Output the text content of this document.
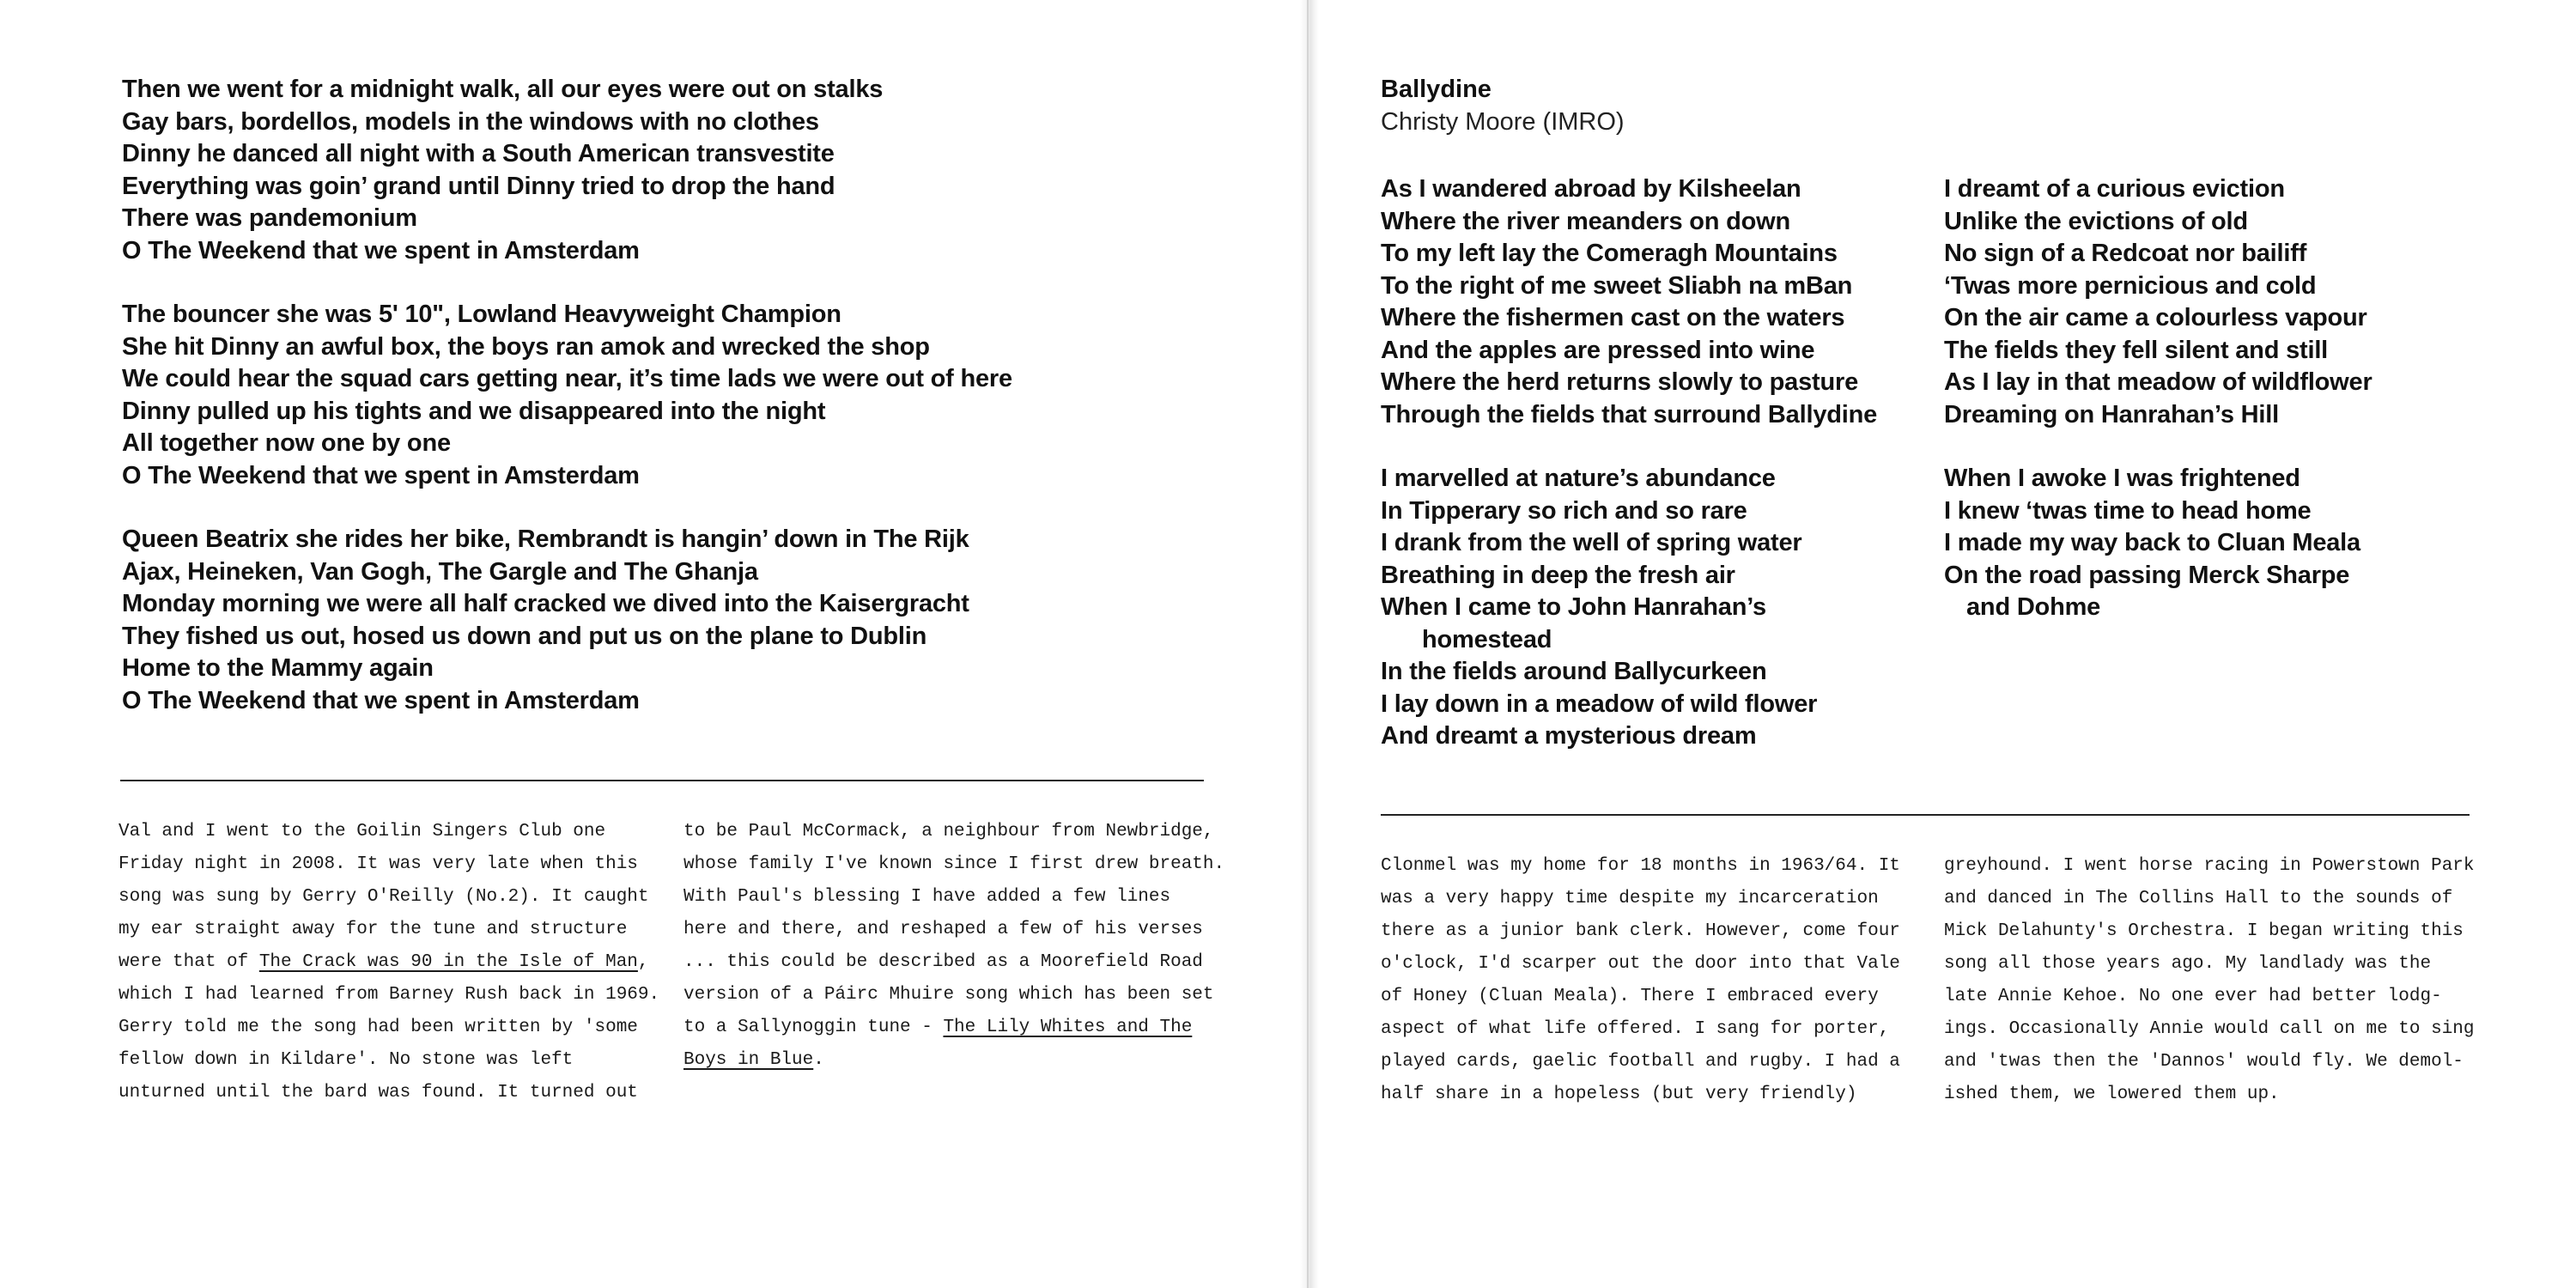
Then we went for a midnight walk, all our eyes were out on stalks

Gay bars, bordellos, models in the windows with no clothes

Dinny he danced all night with a South American transvestite

Everything was goin’ grand until Dinny tried to drop the hand

There was pandemonium

O The Weekend that we spent in Amsterdam

The bouncer she was 5' 10", Lowland Heavyweight Champion

She hit Dinny an awful box, the boys ran amok and wrecked the shop

We could hear the squad cars getting near, it’s time lads we were out of here

Dinny pulled up his tights and we disappeared into the night

All together now one by one

O The Weekend that we spent in Amsterdam

Queen Beatrix she rides her bike, Rembrandt is hangin’ down in The Rijk

Ajax, Heineken, Van Gogh, The Gargle and The Ghanja

Monday morning we were all half cracked we dived into the Kaisergracht

They fished us out, hosed us down and put us on the plane to Dublin

Home to the Mammy again

O The Weekend that we spent in Amsterdam

Val and I went to the Goilin Singers Club one
Friday night in 2008. It was very late when this
song was sung by Gerry O'Reilly (No.2). It caught
my ear straight away for the tune and structure
were that of The Crack was 90 in the Isle of Man,
which I had learned from Barney Rush back in 1969.
Gerry told me the song had been written by 'some
fellow down in Kildare'. No stone was left
unturned until the bard was found. It turned out
to be Paul McCormack, a neighbour from Newbridge,
whose family I've known since I first drew breath.
With Paul's blessing I have added a few lines
here and there, and reshaped a few of his verses
... this could be described as a Moorefield Road
version of a Páirc Mhuire song which has been set
to a Sallynoggin tune - The Lily Whites and The
Boys in Blue.

Ballydine

Christy Moore (IMRO)

As I wandered abroad by Kilsheelan

Where the river meanders on down

To my left lay the Comeragh Mountains

To the right of me sweet Sliabh na mBan

Where the fishermen cast on the waters

And the apples are pressed into wine

Where the herd returns slowly to pasture

Through the fields that surround Ballydine

I marvelled at nature’s abundance

In Tipperary so rich and so rare

I drank from the well of spring water

Breathing in deep the fresh air

When I came to John Hanrahan’s

homestead

In the fields around Ballycurkeen

I lay down in a meadow of wild flower

And dreamt a mysterious dream

I dreamt of a curious eviction

Unlike the evictions of old

No sign of a Redcoat nor bailiff

‘Twas more pernicious and cold

On the air came a colourless vapour

The fields they fell silent and still

As I lay in that meadow of wildflower

Dreaming on Hanrahan’s Hill

When I awoke I was frightened

I knew ‘twas time to head home

I made my way back to Cluan Meala

On the road passing Merck Sharpe

and Dohme

Clonmel was my home for 18 months in 1963/64. It
was a very happy time despite my incarceration
there as a junior bank clerk. However, come four
o'clock, I'd scarper out the door into that Vale
of Honey (Cluan Meala). There I embraced every
aspect of what life offered. I sang for porter,
played cards, gaelic football and rugby. I had a
half share in a hopeless (but very friendly)
greyhound. I went horse racing in Powerstown Park
and danced in The Collins Hall to the sounds of
Mick Delahunty's Orchestra. I began writing this
song all those years ago. My landlady was the
late Annie Kehoe. No one ever had better lodg-
ings. Occasionally Annie would call on me to sing
and 'twas then the 'Dannos' would fly. We demol-
ished them, we lowered them up.
